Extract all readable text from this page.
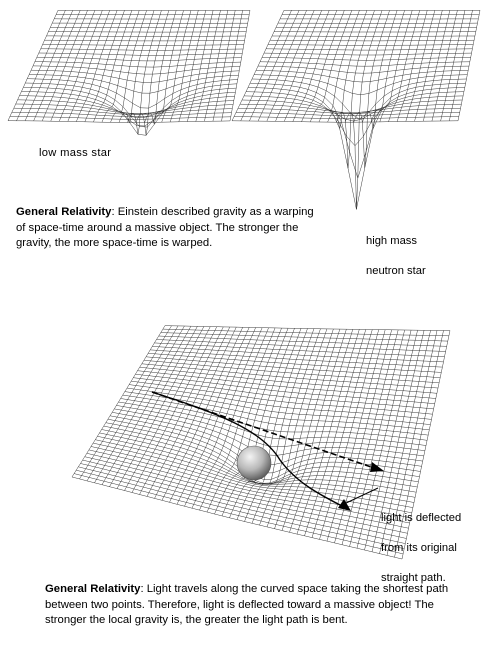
low mass star

high mass

neutron star

General Relativity: Einstein described gravity as a warping of space-time around a massive object. The stronger the gravity, the more space-time is warped.

light is deflected

from its original

straight path.

General Relativity: Light travels along the curved space taking the shortest path between two points. Therefore, light is deflected toward a massive object! The stronger the local gravity is, the greater the light path is bent.
